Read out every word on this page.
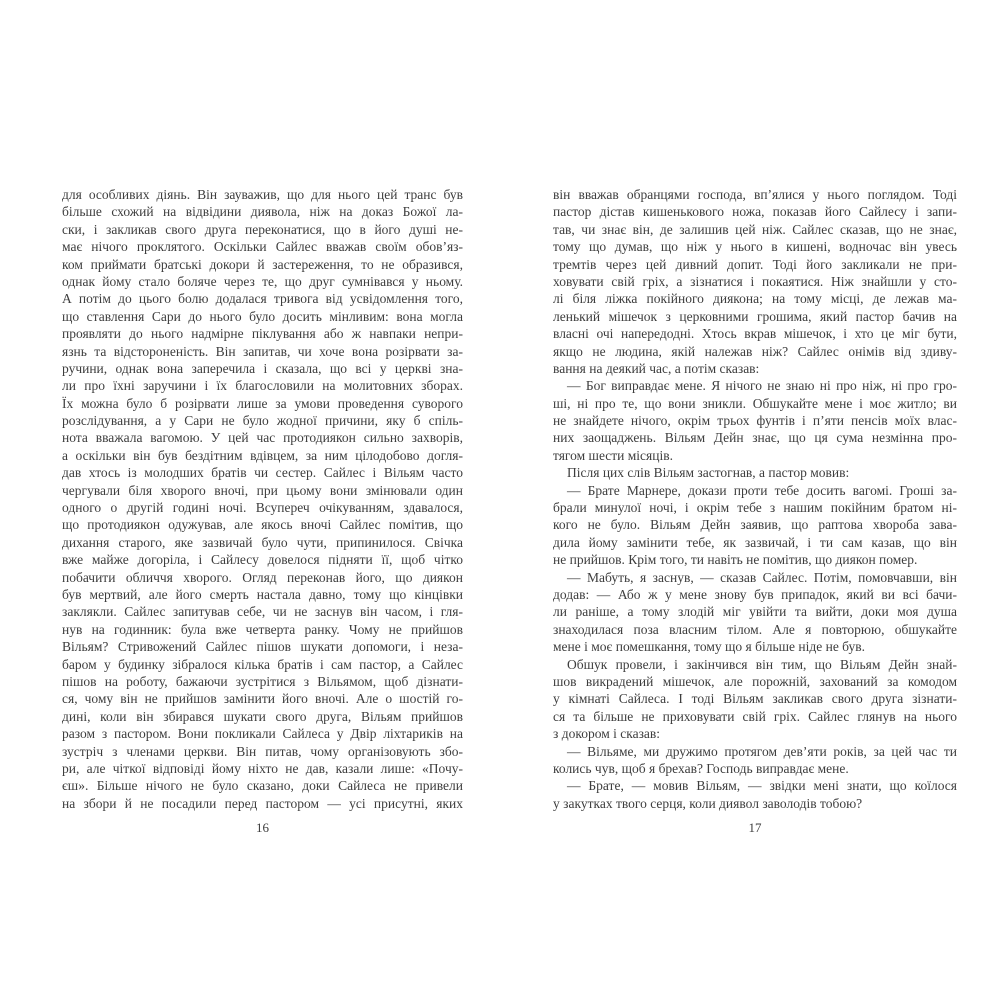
для особливих діянь. Він зауважив, що для нього цей транс був
більше схожий на відвідини диявола, ніж на доказ Божої ла-
ски, і закликав свого друга переконатися, що в його душі не-
має нічого проклятого. Оскільки Сайлес вважав своїм обов’яз-
ком приймати братські докори й застереження, то не образився,
однак йому стало боляче через те, що друг сумнівався у ньому.
А потім до цього болю додалася тривога від усвідомлення того,
що ставлення Сари до нього було досить мінливим: вона могла
проявляти до нього надмірне піклування або ж навпаки непри-
язнь та відстороненість. Він запитав, чи хоче вона розірвати за-
ручини, однак вона заперечила і сказала, що всі у церкві зна-
ли про їхні заручини і їх благословили на молитовних зборах.
Їх можна було б розірвати лише за умови проведення суворого
розслідування, а у Сари не було жодної причини, яку б спіль-
нота вважала вагомою. У цей час протодиякон сильно захворів,
а оскільки він був бездітним вдівцем, за ним цілодобово догля-
дав хтось із молодших братів чи сестер. Сайлес і Вільям часто
чергували біля хворого вночі, при цьому вони змінювали один
одного о другій годині ночі. Всупереч очікуванням, здавалося,
що протодиякон одужував, але якось вночі Сайлес помітив, що
дихання старого, яке зазвичай було чути, припинилося. Свічка
вже майже догоріла, і Сайлесу довелося підняти її, щоб чітко
побачити обличчя хворого. Огляд переконав його, що диякон
був мертвий, але його смерть настала давно, тому що кінцівки
заклякли. Сайлес запитував себе, чи не заснув він часом, і гля-
нув на годинник: була вже четверта ранку. Чому не прийшов
Вільям? Стривожений Сайлес пішов шукати допомоги, і неза-
баром у будинку зібралося кілька братів і сам пастор, а Сайлес
пішов на роботу, бажаючи зустрітися з Вільямом, щоб дізнати-
ся, чому він не прийшов замінити його вночі. Але о шостій го-
дині, коли він збирався шукати свого друга, Вільям прийшов
разом з пастором. Вони покликали Сайлеса у Двір ліхтариків на
зустріч з членами церкви. Він питав, чому організовують збо-
ри, але чіткої відповіді йому ніхто не дав, казали лише: «Почу-
єш». Більше нічого не було сказано, доки Сайлеса не привели
на збори й не посадили перед пастором — усі присутні, яких
він вважав обранцями господа, вп’ялися у нього поглядом. Тоді
пастор дістав кишенькового ножа, показав його Сайлесу і запи-
тав, чи знає він, де залишив цей ніж. Сайлес сказав, що не знає,
тому що думав, що ніж у нього в кишені, водночас він увесь
тремтів через цей дивний допит. Тоді його закликали не при-
ховувати свій гріх, а зізнатися і покаятися. Ніж знайшли у сто-
лі біля ліжка покійного диякона; на тому місці, де лежав ма-
ленький мішечок з церковними грошима, який пастор бачив на
власні очі напередодні. Хтось вкрав мішечок, і хто це міг бути,
якщо не людина, якій належав ніж? Сайлес онімів від здиву-
вання на деякий час, а потім сказав:
— Бог виправдає мене. Я нічого не знаю ні про ніж, ні про гро-
ші, ні про те, що вони зникли. Обшукайте мене і моє житло; ви
не знайдете нічого, окрім трьох фунтів і п’яти пенсів моїх влас-
них заощаджень. Вільям Дейн знає, що ця сума незмінна про-
тягом шести місяців.
Після цих слів Вільям застогнав, а пастор мовив:
— Брате Марнере, докази проти тебе досить вагомі. Гроші за-
брали минулої ночі, і окрім тебе з нашим покійним братом ні-
кого не було. Вільям Дейн заявив, що раптова хвороба зава-
дила йому замінити тебе, як зазвичай, і ти сам казав, що він
не прийшов. Крім того, ти навіть не помітив, що диякон помер.
— Мабуть, я заснув, — сказав Сайлес. Потім, помовчавши, він
додав: — Або ж у мене знову був припадок, який ви всі бачи-
ли раніше, а тому злодій міг увійти та вийти, доки моя душа
знаходилася поза власним тілом. Але я повторюю, обшукайте
мене і моє помешкання, тому що я більше ніде не був.
Обшук провели, і закінчився він тим, що Вільям Дейн знай-
шов викрадений мішечок, але порожній, захований за комодом
у кімнаті Сайлеса. І тоді Вільям закликав свого друга зізнати-
ся та більше не приховувати свій гріх. Сайлес глянув на нього
з докором і сказав:
— Вільяме, ми дружимо протягом дев’яти років, за цей час ти
колись чув, щоб я брехав? Господь виправдає мене.
— Брате, — мовив Вільям, — звідки мені знати, що коїлося
у закутках твого серця, коли диявол заволодів тобою?
16	17
